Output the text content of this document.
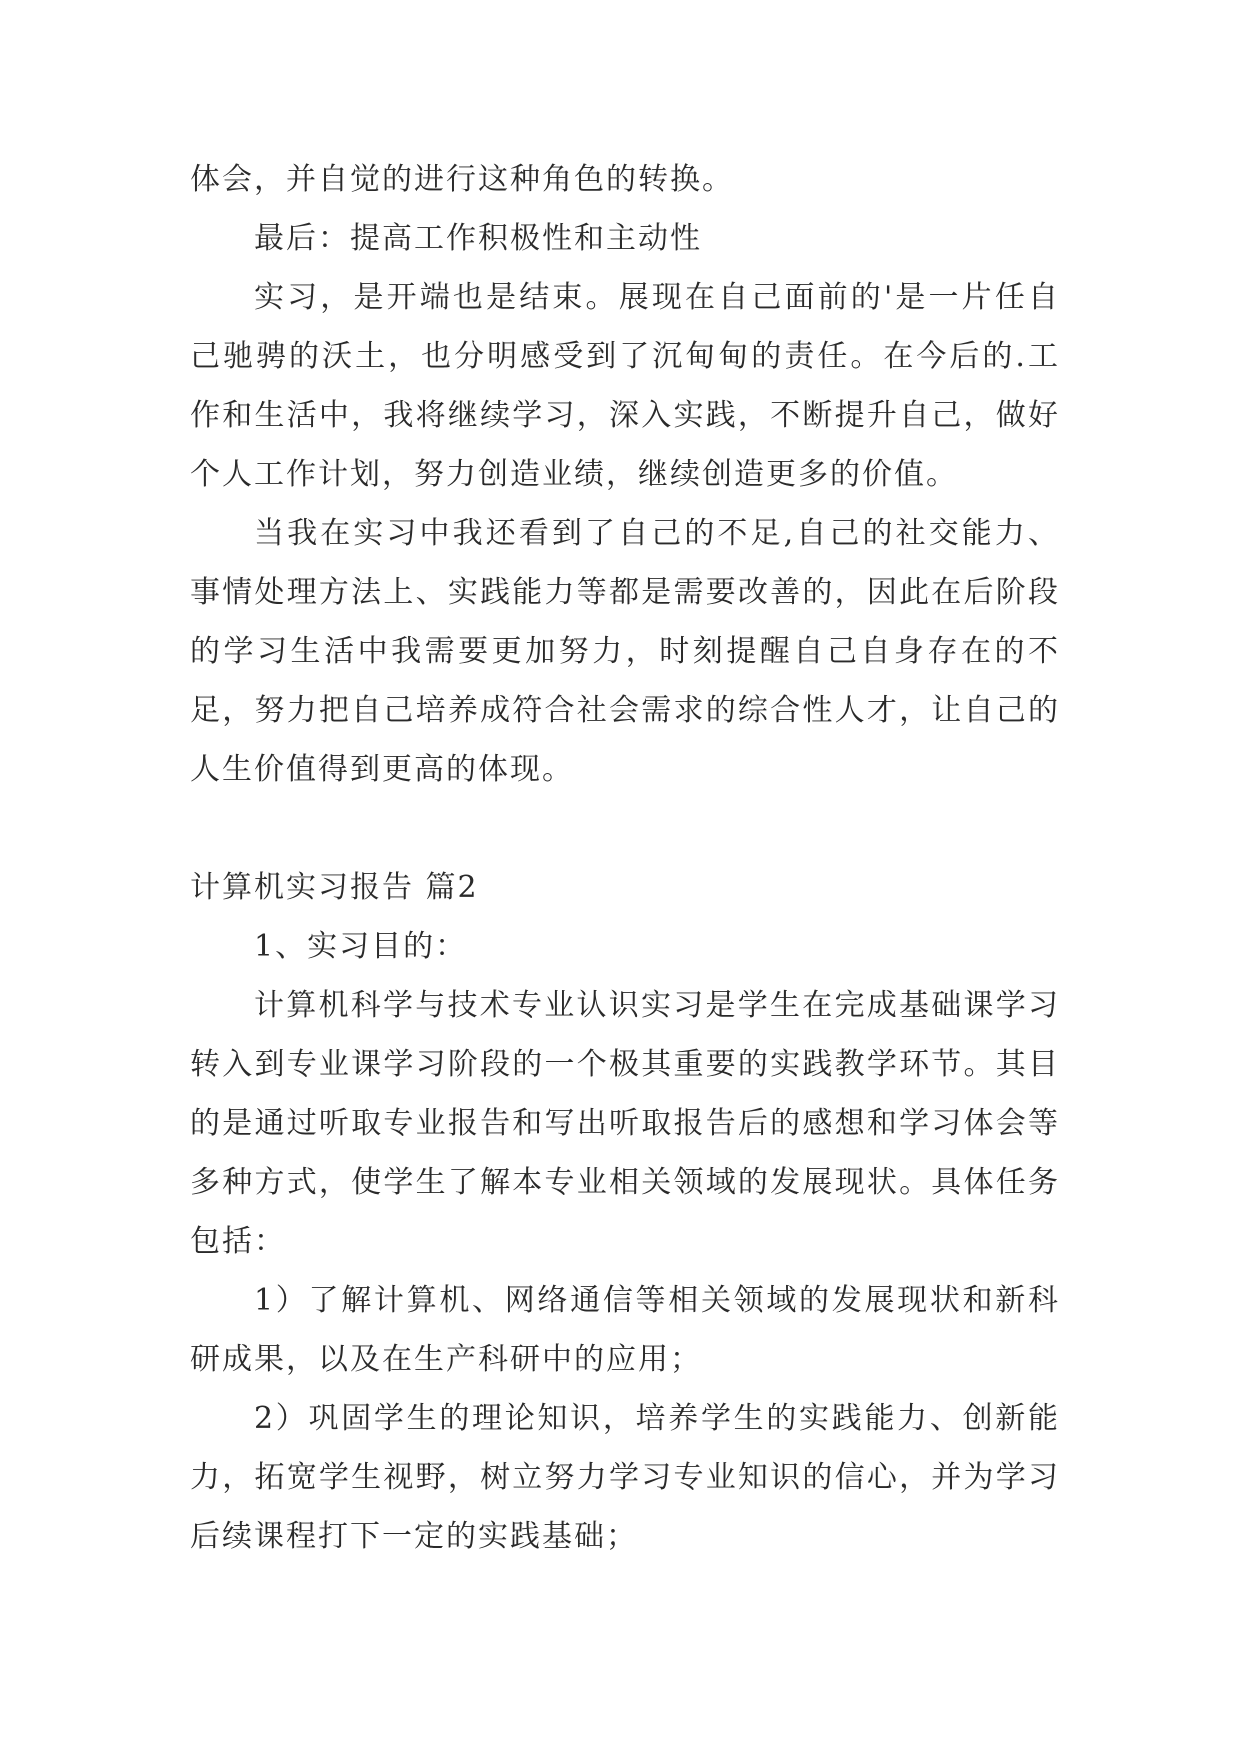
体会，并自觉的进行这种角色的转换。

最后：提高工作积极性和主动性

实习，是开端也是结束。展现在自己面前的'是一片任自己驰骋的沃土，也分明感受到了沉甸甸的责任。在今后的.工作和生活中，我将继续学习，深入实践，不断提升自己，做好个人工作计划，努力创造业绩，继续创造更多的价值。

当我在实习中我还看到了自己的不足,自己的社交能力、事情处理方法上、实践能力等都是需要改善的，因此在后阶段的学习生活中我需要更加努力，时刻提醒自己自身存在的不足，努力把自己培养成符合社会需求的综合性人才，让自己的人生价值得到更高的体现。

计算机实习报告 篇2

1、实习目的：

计算机科学与技术专业认识实习是学生在完成基础课学习转入到专业课学习阶段的一个极其重要的实践教学环节。其目的是通过听取专业报告和写出听取报告后的感想和学习体会等多种方式，使学生了解本专业相关领域的发展现状。具体任务包括：

1）了解计算机、网络通信等相关领域的发展现状和新科研成果，以及在生产科研中的应用；

2）巩固学生的理论知识，培养学生的实践能力、创新能力，拓宽学生视野，树立努力学习专业知识的信心，并为学习后续课程打下一定的实践基础；
